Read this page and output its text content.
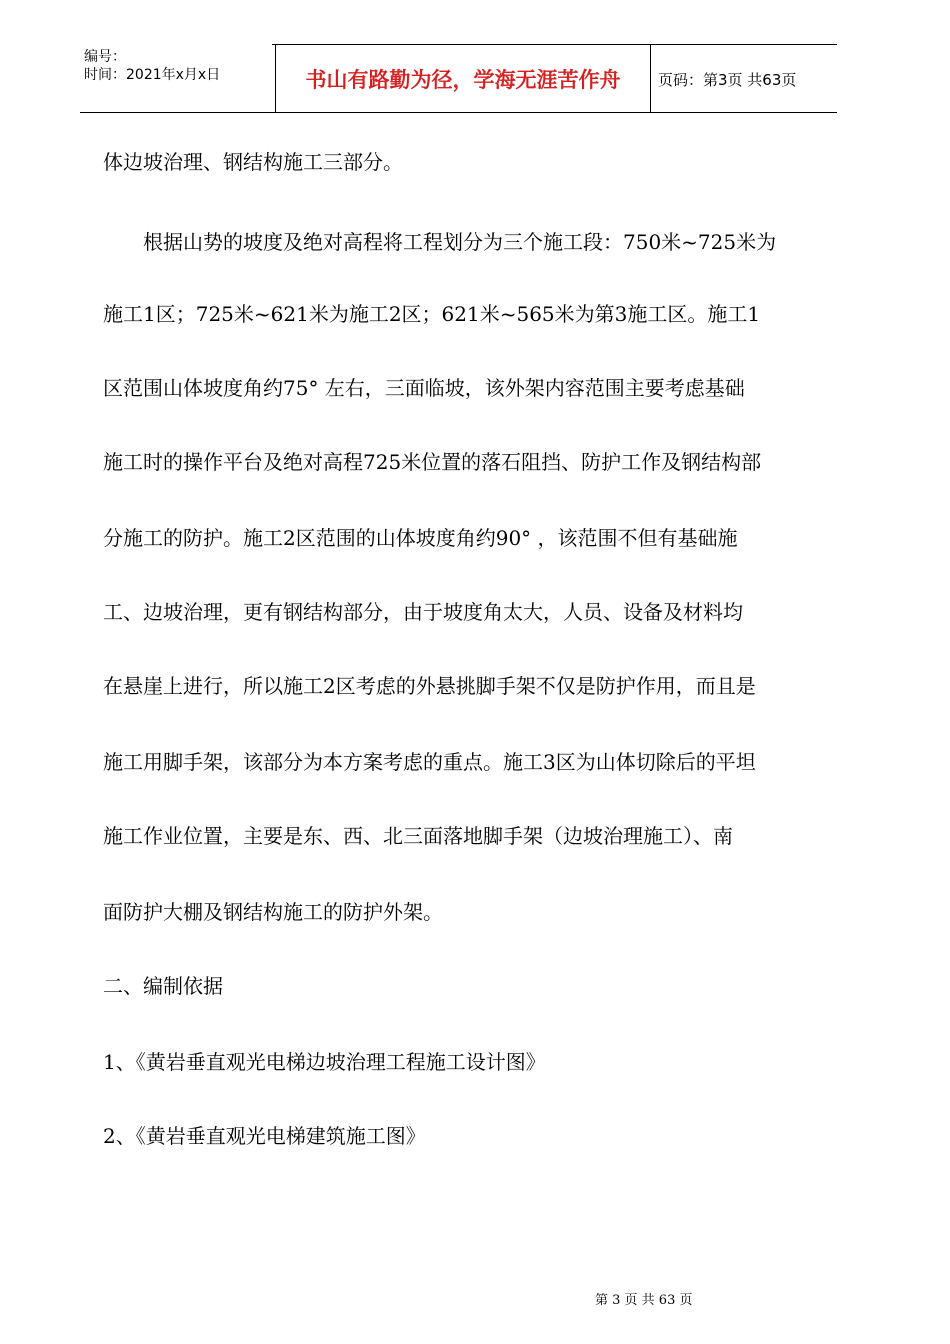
编号：
时间：2021年x月x日	书山有路勤为径，学海无涯苦作舟	页码：第3页 共63页
体边坡治理、钢结构施工三部分。
　　根据山势的坡度及绝对高程将工程划分为三个施工段：750米~725米为
施工1区；725米~621米为施工2区；621米~565米为第3施工区。施工1
区范围山体坡度角约75° 左右，三面临坡，该外架内容范围主要考虑基础
施工时的操作平台及绝对高程725米位置的落石阻挡、防护工作及钢结构部
分施工的防护。施工2区范围的山体坡度角约90° ，该范围不但有基础施
工、边坡治理，更有钢结构部分，由于坡度角太大，人员、设备及材料均
在悬崖上进行，所以施工2区考虑的外悬挑脚手架不仅是防护作用，而且是
施工用脚手架，该部分为本方案考虑的重点。施工3区为山体切除后的平坦
施工作业位置，主要是东、西、北三面落地脚手架（边坡治理施工）、南
面防护大棚及钢结构施工的防护外架。
二、编制依据
1、《黄岩垂直观光电梯边坡治理工程施工设计图》
2、《黄岩垂直观光电梯建筑施工图》
第 3 页 共 63 页
